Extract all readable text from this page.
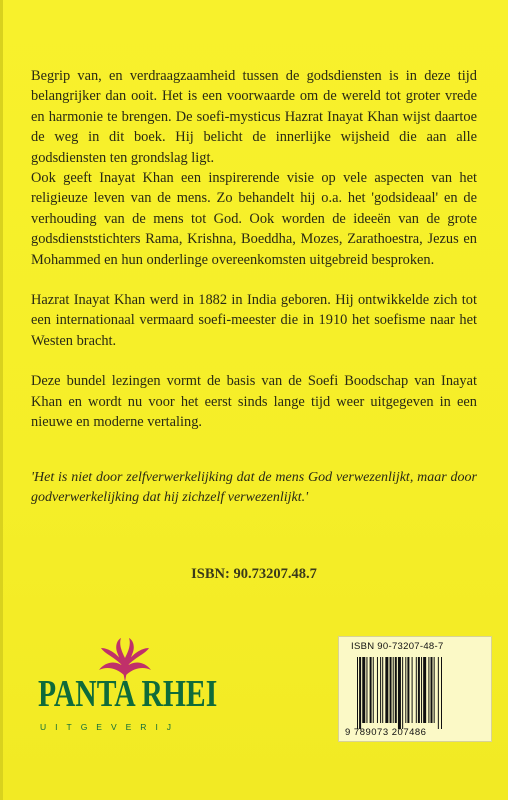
Begrip van, en verdraagzaamheid tussen de godsdiensten is in deze tijd belangrijker dan ooit. Het is een voorwaarde om de wereld tot groter vrede en harmonie te brengen. De soefi-mysticus Hazrat Inayat Khan wijst daartoe de weg in dit boek. Hij belicht de innerlijke wijsheid die aan alle godsdiensten ten grondslag ligt.

Ook geeft Inayat Khan een inspirerende visie op vele aspecten van het religieuze leven van de mens. Zo behandelt hij o.a. het 'godsideaal' en de verhouding van de mens tot God. Ook worden de ideeën van de grote godsdienststichters Rama, Krishna, Boeddha, Mozes, Zarathoestra, Jezus en Mohammed en hun onderlinge overeenkomsten uitgebreid besproken.

Hazrat Inayat Khan werd in 1882 in India geboren. Hij ontwikkelde zich tot een internationaal vermaard soefi-meester die in 1910 het soefisme naar het Westen bracht.

Deze bundel lezingen vormt de basis van de Soefi Boodschap van Inayat Khan en wordt nu voor het eerst sinds lange tijd weer uitgegeven in een nieuwe en moderne vertaling.

'Het is niet door zelfverwerkelijking dat de mens God verwezenlijkt, maar door godverwerkelijking dat hij zichzelf verwezenlijkt.'
ISBN: 90.73207.48.7
PANTA RHEI
UITGEVERIJ
ISBN 90-73207-48-7
9 789073 207486
